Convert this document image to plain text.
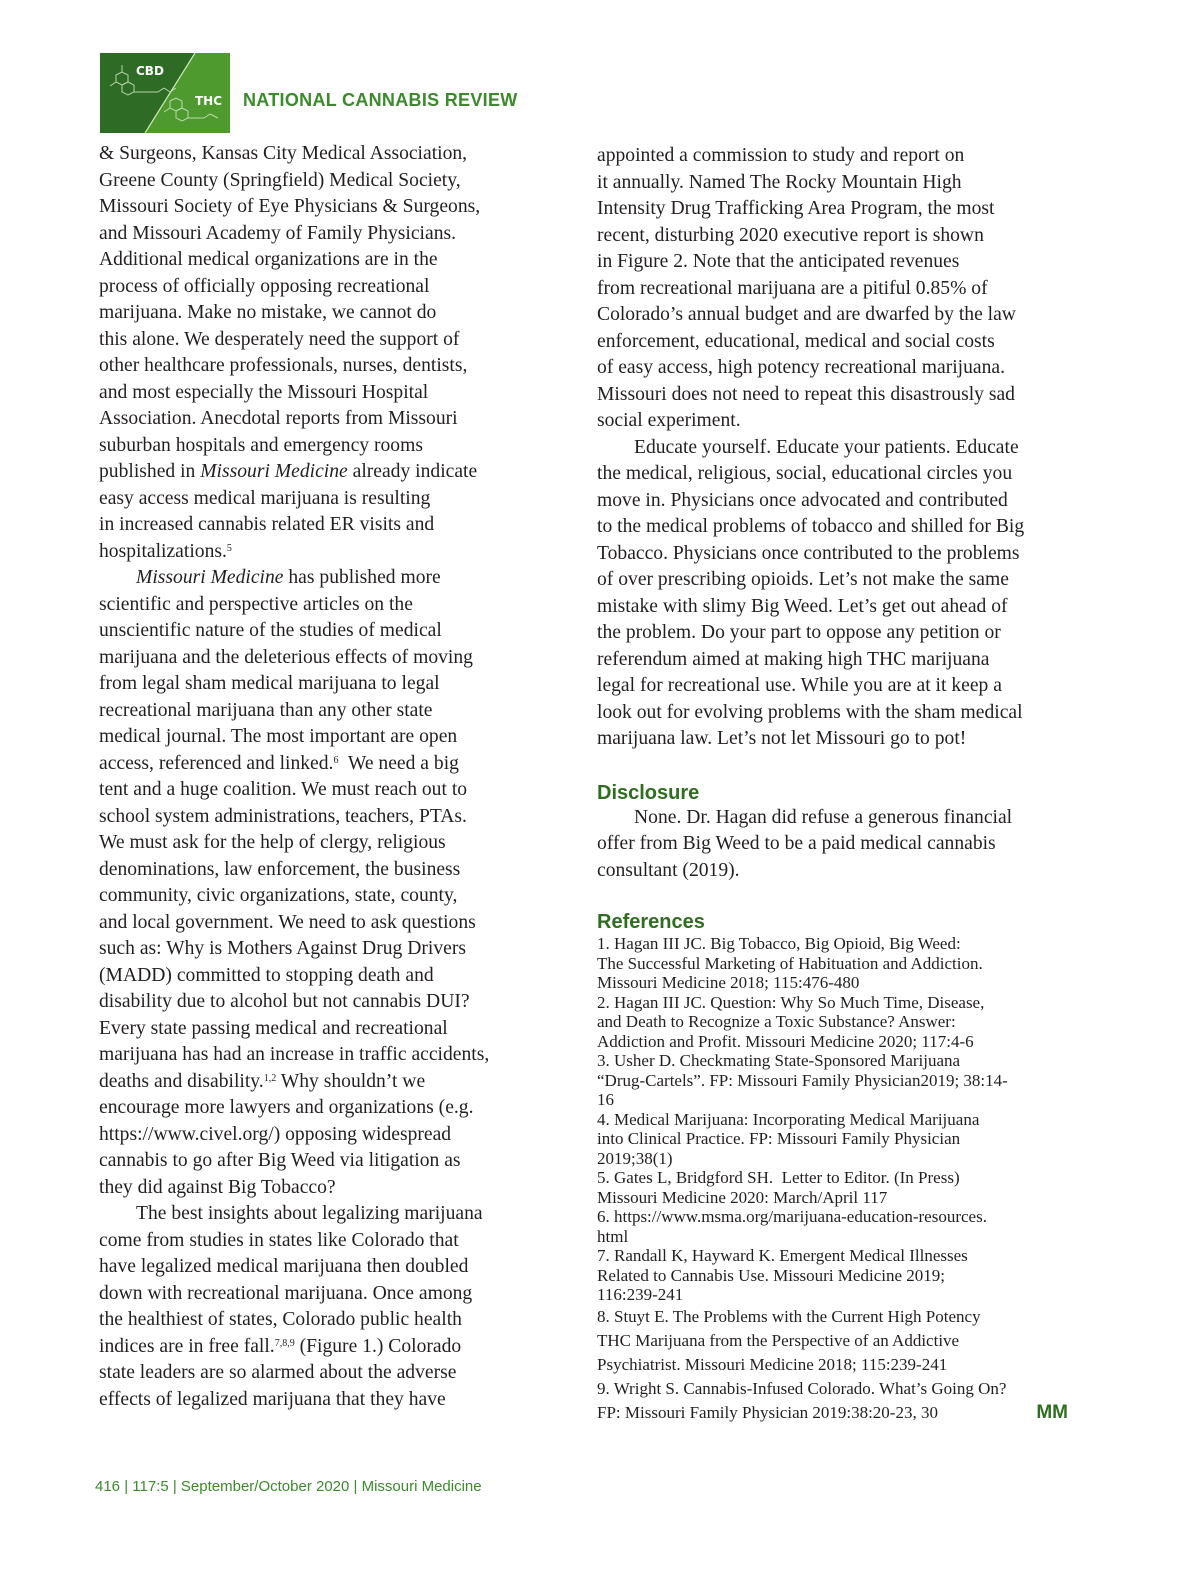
CBD
THC NATIONAL CANNABIS REVIEW

& Surgeons, Kansas City Medical Association,
Greene County (Springfield) Medical Society,
Missouri Society of Eye Physicians & Surgeons,
and Missouri Academy of Family Physicians.
Additional medical organizations are in the
process of officially opposing recreational
marijuana. Make no mistake, we cannot do
this alone. We desperately need the support of
other healthcare professionals, nurses, dentists,
and most especially the Missouri Hospital
Association. Anecdotal reports from Missouri
suburban hospitals and emergency rooms
published in Missouri Medicine already indicate
easy access medical marijuana is resulting
in increased cannabis related ER visits and
hospitalizations.$^5$

Missouri Medicine has published more
scientific and perspective articles on the
unscientific nature of the studies of medical
marijuana and the deleterious effects of moving
from legal sham medical marijuana to legal
recreational marijuana than any other state
medical journal. The most important are open
access, referenced and linked.$^6$  We need a big
tent and a huge coalition. We must reach out to
school system administrations, teachers, PTAs.
We must ask for the help of clergy, religious
denominations, law enforcement, the business
community, civic organizations, state, county,
and local government. We need to ask questions
such as: Why is Mothers Against Drug Drivers
(MADD) committed to stopping death and
disability due to alcohol but not cannabis DUI?
Every state passing medical and recreational
marijuana has had an increase in traffic accidents,
deaths and disability.$^{1,2}$ Why shouldn’t we
encourage more lawyers and organizations (e.g.
https://www.civel.org/) opposing widespread
cannabis to go after Big Weed via litigation as
they did against Big Tobacco?

The best insights about legalizing marijuana
come from studies in states like Colorado that
have legalized medical marijuana then doubled
down with recreational marijuana. Once among
the healthiest of states, Colorado public health
indices are in free fall.$^{7,8,9}$ (Figure 1.) Colorado
state leaders are so alarmed about the adverse
effects of legalized marijuana that they have

appointed a commission to study and report on
it annually. Named The Rocky Mountain High
Intensity Drug Trafficking Area Program, the most
recent, disturbing 2020 executive report is shown
in Figure 2. Note that the anticipated revenues
from recreational marijuana are a pitiful 0.85% of
Colorado’s annual budget and are dwarfed by the law
enforcement, educational, medical and social costs
of easy access, high potency recreational marijuana.
Missouri does not need to repeat this disastrously sad
social experiment.

Educate yourself. Educate your patients. Educate
the medical, religious, social, educational circles you
move in. Physicians once advocated and contributed
to the medical problems of tobacco and shilled for Big
Tobacco. Physicians once contributed to the problems
of over prescribing opioids. Let’s not make the same
mistake with slimy Big Weed. Let’s get out ahead of
the problem. Do your part to oppose any petition or
referendum aimed at making high THC marijuana
legal for recreational use. While you are at it keep a
look out for evolving problems with the sham medical
marijuana law. Let’s not let Missouri go to pot!

Disclosure

None. Dr. Hagan did refuse a generous financial
offer from Big Weed to be a paid medical cannabis
consultant (2019).

References
1. Hagan III JC. Big Tobacco, Big Opioid, Big Weed:
The Successful Marketing of Habituation and Addiction.
Missouri Medicine 2018; 115:476-480
2. Hagan III JC. Question: Why So Much Time, Disease,
and Death to Recognize a Toxic Substance? Answer:
Addiction and Profit. Missouri Medicine 2020; 117:4-6
3. Usher D. Checkmating State-Sponsored Marijuana
“Drug-Cartels”. FP: Missouri Family Physician2019; 38:14-
16
4. Medical Marijuana: Incorporating Medical Marijuana
into Clinical Practice. FP: Missouri Family Physician
2019;38(1)
5. Gates L, Bridgford SH.  Letter to Editor. (In Press)
Missouri Medicine 2020: March/April 117
6. https://www.msma.org/marijuana-education-resources.
html
7. Randall K, Hayward K. Emergent Medical Illnesses
Related to Cannabis Use. Missouri Medicine 2019;
116:239-241
8. Stuyt E. The Problems with the Current High Potency
THC Marijuana from the Perspective of an Addictive
Psychiatrist. Missouri Medicine 2018; 115:239-241
9. Wright S. Cannabis-Infused Colorado. What’s Going On?
FP: Missouri Family Physician 2019:38:20-23, 30	MM

416 | 117:5 | September/October 2020 | Missouri Medicine
